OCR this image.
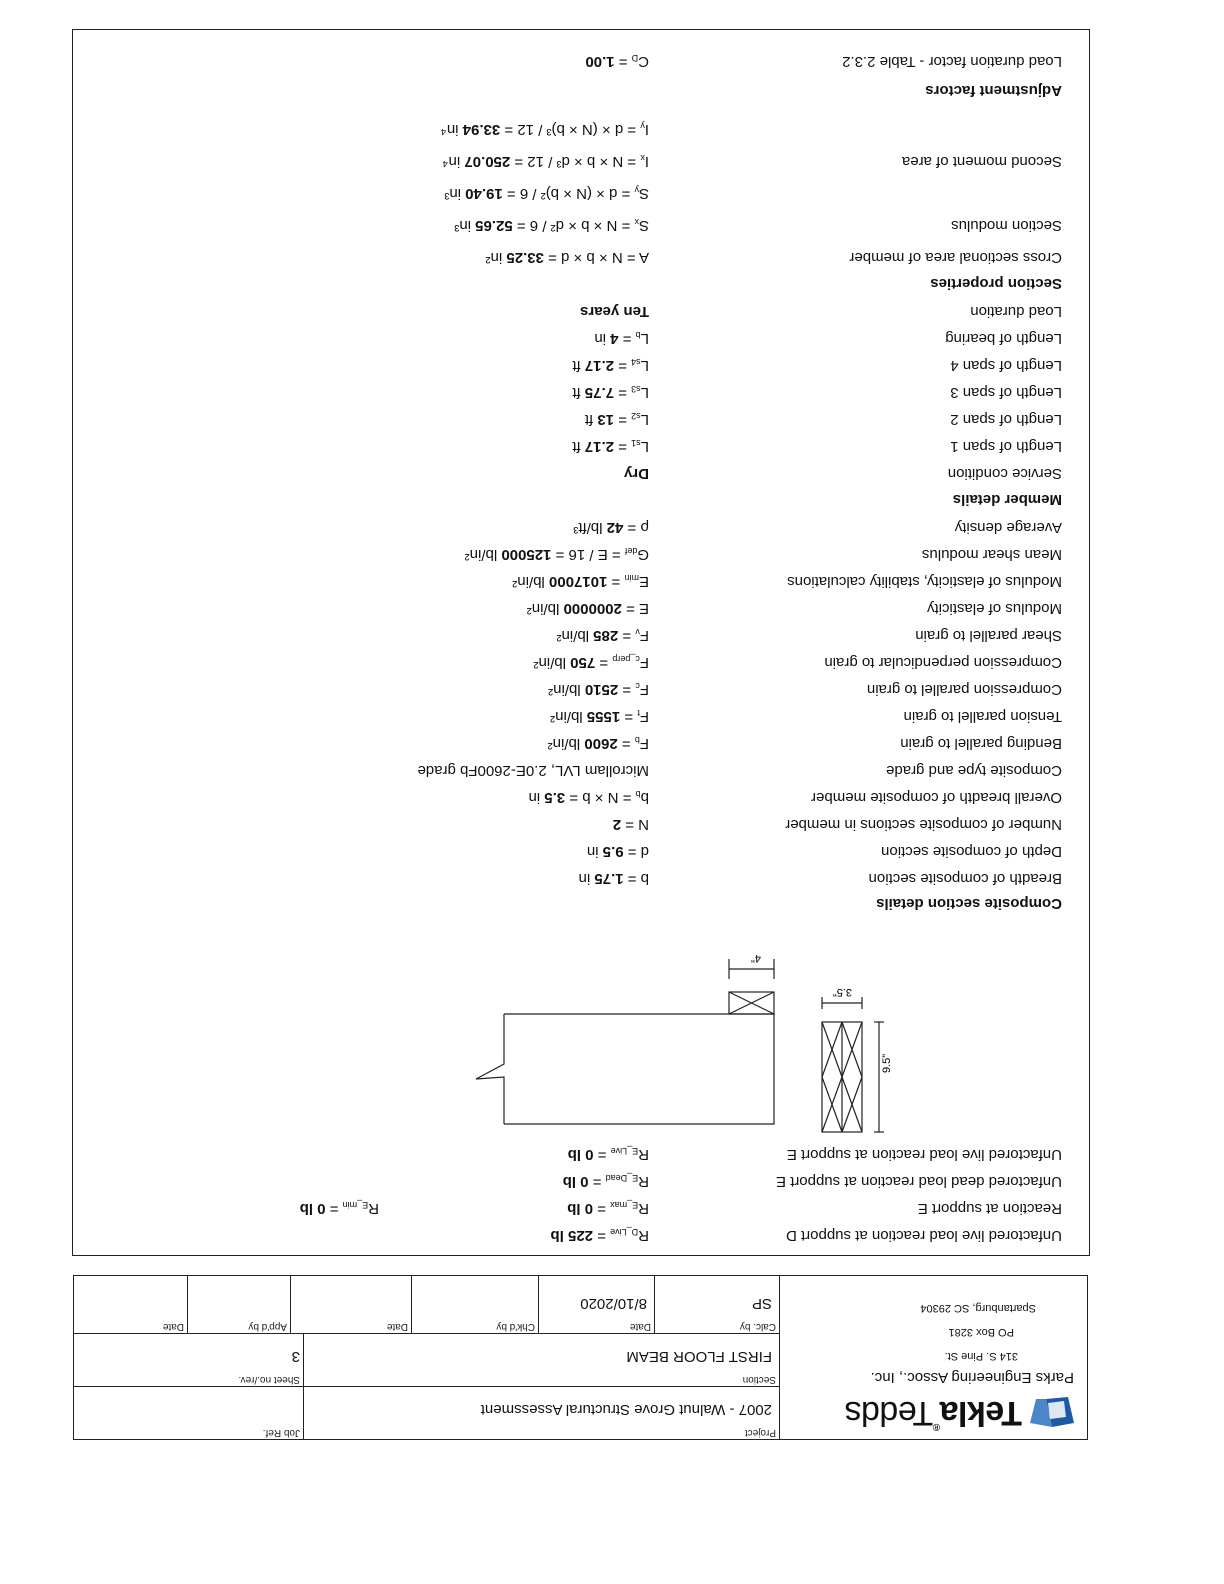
Tekla®Tedds
Parks Engineering Assoc., Inc.
314 S. Pine St.
PO Box 3281
Spartanburg, SC 29304
Project
2007 - Walnut Grove Structural Assessment
Job Ref.
Section
FIRST FLOOR BEAM
Sheet no./rev.
3
Calc. by
SP
Date
8/10/2020
Chk'd by
Date
App'd by
Date
Unfactored live load reaction at support D
$R_{D\_Live} = 225$ lb
Reaction at support E
$R_{E\_max} = 0$ lb
$R_{E\_min} = 0$ lb
Unfactored dead load reaction at support E
$R_{E\_Dead} = 0$ lb
Unfactored live load reaction at support E
$R_{E\_Live} = 0$ lb
9.5"
3.5"
4"
Composite section details
Breadth of composite section
b = 1.75 in
Depth of composite section
d = 9.5 in
Number of composite sections in member
N = 2
Overall breadth of composite member
$b_b = N \times b = 3.5$ in
Composite type and grade
Microllam LVL, 2.0E-2600Fb grade
Bending parallel to grain
$F_b = 2600$ lb/in²
Tension parallel to grain
$F_t = 1555$ lb/in²
Compression parallel to grain
$F_c = 2510$ lb/in²
Compression perpendicular to grain
$F_{c\_perp} = 750$ lb/in²
Shear parallel to grain
$F_v = 285$ lb/in²
Modulus of elasticity
E = 2000000 lb/in²
Modulus of elasticity, stability calculations
$E_{min} = 1017000$ lb/in²
Mean shear modulus
$G_{def} = E / 16 = 125000$ lb/in²
Average density
ρ = 42 lb/ft³
Member details
Service condition
Dry
Length of span 1
$L_{s1} = 2.17$ ft
Length of span 2
$L_{s2} = 13$ ft
Length of span 3
$L_{s3} = 7.75$ ft
Length of span 4
$L_{s4} = 2.17$ ft
Length of bearing
$L_b = 4$ in
Load duration
Ten years
Section properties
Cross sectional area of member
A = N × b × d = 33.25 in²
Section modulus
$S_x = N \times b \times d^2 / 6 = 52.65$ in³
$S_y = d \times (N \times b)^2 / 6 = 19.40$ in³
Second moment of area
$I_x = N \times b \times d^3 / 12 = 250.07$ in⁴
$I_y = d \times (N \times b)^3 / 12 = 33.94$ in⁴
Adjustment factors
Load duration factor - Table 2.3.2
$C_D = 1.00$
